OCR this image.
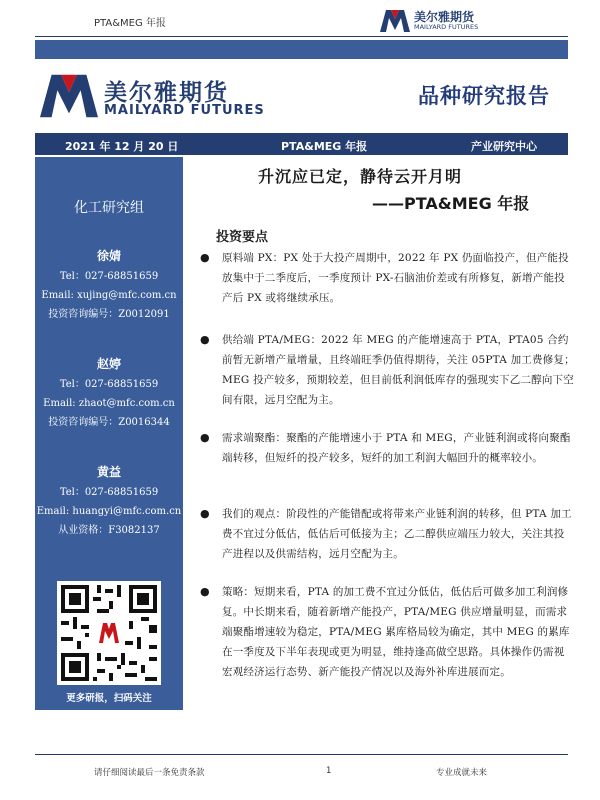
PTA&MEG 年报	美尔雅期货
MAILYARD FUTURES
美尔雅期货
MAILYARD FUTURES
品种研究报告
2021 年 12 月 20 日	PTA&MEG 年报	产业研究中心
化工研究组
徐婧
Tel：027-68851659
Email: xujing@mfc.com.cn
投资咨询编号：Z0012091
赵婷
Tel：027-68851659
Email: zhaot@mfc.com.cn
投资咨询编号：Z0016344
黄益
Tel：027-68851659
Email: huangyi@mfc.com.cn
从业资格：F3082137
更多研报，扫码关注
升沉应已定，静待云开月明
——PTA&MEG 年报
投资要点
● 原料端 PX：PX 处于大投产周期中，2022 年 PX 仍面临投产，但产能投放集中于二季度后，一季度预计 PX-石脑油价差或有所修复，新增产能投产后 PX 或将继续承压。
● 供给端 PTA/MEG：2022 年 MEG 的产能增速高于 PTA，PTA05 合约前暂无新增产量增量，且终端旺季仍值得期待，关注 05PTA 加工费修复；MEG 投产较多，预期较差，但目前低利润低库存的强现实下乙二醇向下空间有限，远月空配为主。
● 需求端聚酯：聚酯的产能增速小于 PTA 和 MEG，产业链利润或将向聚酯端转移，但短纤的投产较多，短纤的加工利润大幅回升的概率较小。
● 我们的观点：阶段性的产能错配或将带来产业链利润的转移，但 PTA 加工费不宜过分低估，低估后可低接为主；乙二醇供应端压力较大，关注其投产进程以及供需结构，远月空配为主。
● 策略：短期来看，PTA 的加工费不宜过分低估，低估后可做多加工利润修复。中长期来看，随着新增产能投产，PTA/MEG 供应增量明显，而需求端聚酯增速较为稳定，PTA/MEG 累库格局较为确定，其中 MEG 的累库在一季度及下半年表现或更为明显，维持逢高做空思路。具体操作仍需视宏观经济运行态势、新产能投产情况以及海外补库进展而定。
请仔细阅读最后一条免责条款	1	专业成就未来
